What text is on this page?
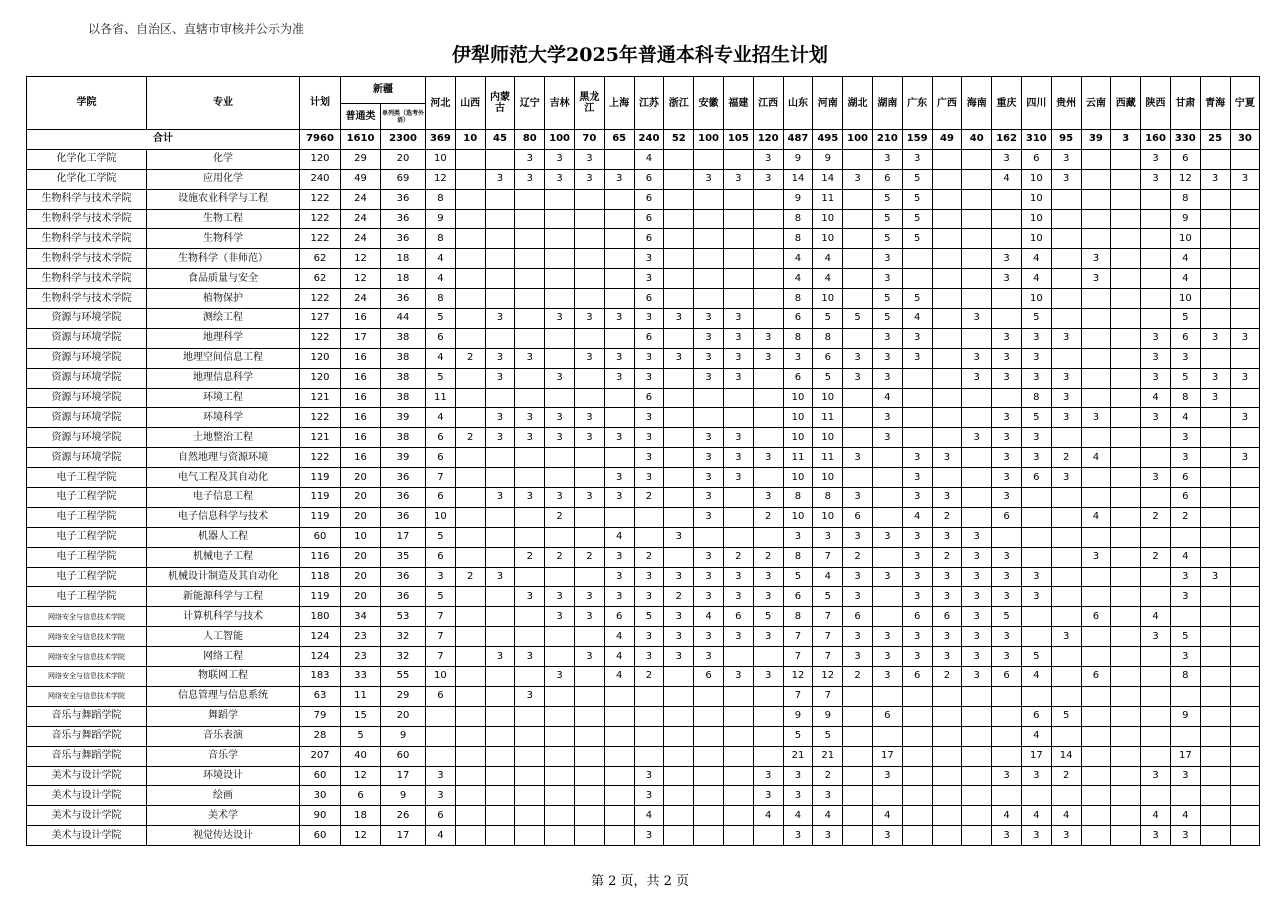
以各省、自治区、直辖市审核并公示为准
伊犁师范大学2025年普通本科专业招生计划
学院	专业	计划	新疆		河北	山西	内蒙古	辽宁	吉林	黑龙江	上海	江苏	浙江	安徽	福建	江西	山东	河南	湖北	湖南	广东	广西	海南	重庆	四川	贵州	云南	西藏	陕西	甘肃	青海	宁夏
			普通类	单列类（选考外语）																												
合计		7960	1610	2300	369	10	45	80	100	70	65	240	52	100	105	120	487	495	100	210	159	49	40	162	310	95	39	3	160	330	25	30
化学化工学院	化学	120	29	20	10			3	3	3		4				3	9	9		3	3			3	6	3			3	6		
化学化工学院	应用化学	240	49	69	12		3	3	3	3	3	6		3	3	3	14	14	3	6	5			4	10	3			3	12	3	3
生物科学与技术学院	设施农业科学与工程	122	24	36	8							6					9	11		5	5				10					8		
生物科学与技术学院	生物工程	122	24	36	9							6					8	10		5	5				10					9		
生物科学与技术学院	生物科学	122	24	36	8							6					8	10		5	5				10					10		
生物科学与技术学院	生物科学（非师范）	62	12	18	4							3					4	4		3				3	4		3			4		
生物科学与技术学院	食品质量与安全	62	12	18	4							3					4	4		3				3	4		3			4		
生物科学与技术学院	植物保护	122	24	36	8							6					8	10		5	5				10					10		
资源与环境学院	测绘工程	127	16	44	5		3		3	3	3	3	3	3	3		6	5	5	5	4		3		5					5		
资源与环境学院	地理科学	122	17	38	6							6		3	3	3	8	8		3	3			3	3	3			3	6	3	3
资源与环境学院	地理空间信息工程	120	16	38	4	2	3	3		3	3	3	3	3	3	3	3	6	3	3	3		3	3	3				3	3		
资源与环境学院	地理信息科学	120	16	38	5		3		3		3	3		3	3		6	5	3	3			3	3	3	3			3	5	3	3
资源与环境学院	环境工程	121	16	38	11							6					10	10		4					8	3			4	8	3	
资源与环境学院	环境科学	122	16	39	4		3	3	3	3		3					10	11		3				3	5	3	3		3	4		3
资源与环境学院	土地整治工程	121	16	38	6	2	3	3	3	3	3	3		3	3		10	10		3			3	3	3					3		
资源与环境学院	自然地理与资源环境	122	16	39	6							3		3	3	3	11	11	3		3	3		3	3	2	4			3		3
电子工程学院	电气工程及其自动化	119	20	36	7						3	3		3	3		10	10			3			3	6	3			3	6		
电子工程学院	电子信息工程	119	20	36	6		3	3	3	3	3	2		3		3	8	8	3		3	3		3						6		
电子工程学院	电子信息科学与技术	119	20	36	10				2					3		2	10	10	6		4	2		6			4		2	2		
电子工程学院	机器人工程	60	10	17	5						4		3				3	3	3	3	3	3	3									
电子工程学院	机械电子工程	116	20	35	6			2	2	2	3	2		3	2	2	8	7	2		3	2	3	3			3		2	4		
电子工程学院	机械设计制造及其自动化	118	20	36	3	2	3				3	3	3	3	3	3	5	4	3	3	3	3	3	3	3					3	3	
电子工程学院	新能源科学与工程	119	20	36	5			3	3	3	3	3	2	3	3	3	6	5	3		3	3	3	3	3					3		
网络安全与信息技术学院	计算机科学与技术	180	34	53	7				3	3	6	5	3	4	6	5	8	7	6		6	6	3	5			6		4			
网络安全与信息技术学院	人工智能	124	23	32	7						4	3	3	3	3	3	7	7	3	3	3	3	3	3		3			3	5		
网络安全与信息技术学院	网络工程	124	23	32	7		3	3		3	4	3	3	3			7	7	3	3	3	3	3	3	5					3		
网络安全与信息技术学院	物联网工程	183	33	55	10				3		4	2		6	3	3	12	12	2	3	6	2	3	6	4		6			8		
网络安全与信息技术学院	信息管理与信息系统	63	11	29	6			3									7	7														
音乐与舞蹈学院	舞蹈学	79	15	20													9	9		6					6	5				9		
音乐与舞蹈学院	音乐表演	28	5	9													5	5							4							
音乐与舞蹈学院	音乐学	207	40	60													21	21		17					17	14				17		
美术与设计学院	环境设计	60	12	17	3							3				3	3	2		3				3	3	2			3	3		
美术与设计学院	绘画	30	6	9	3							3				3	3	3														
美术与设计学院	美术学	90	18	26	6							4				4	4	4		4				4	4	4			4	4		
美术与设计学院	视觉传达设计	60	12	17	4							3					3	3		3				3	3	3			3	3		
第 2 页，共 2 页
